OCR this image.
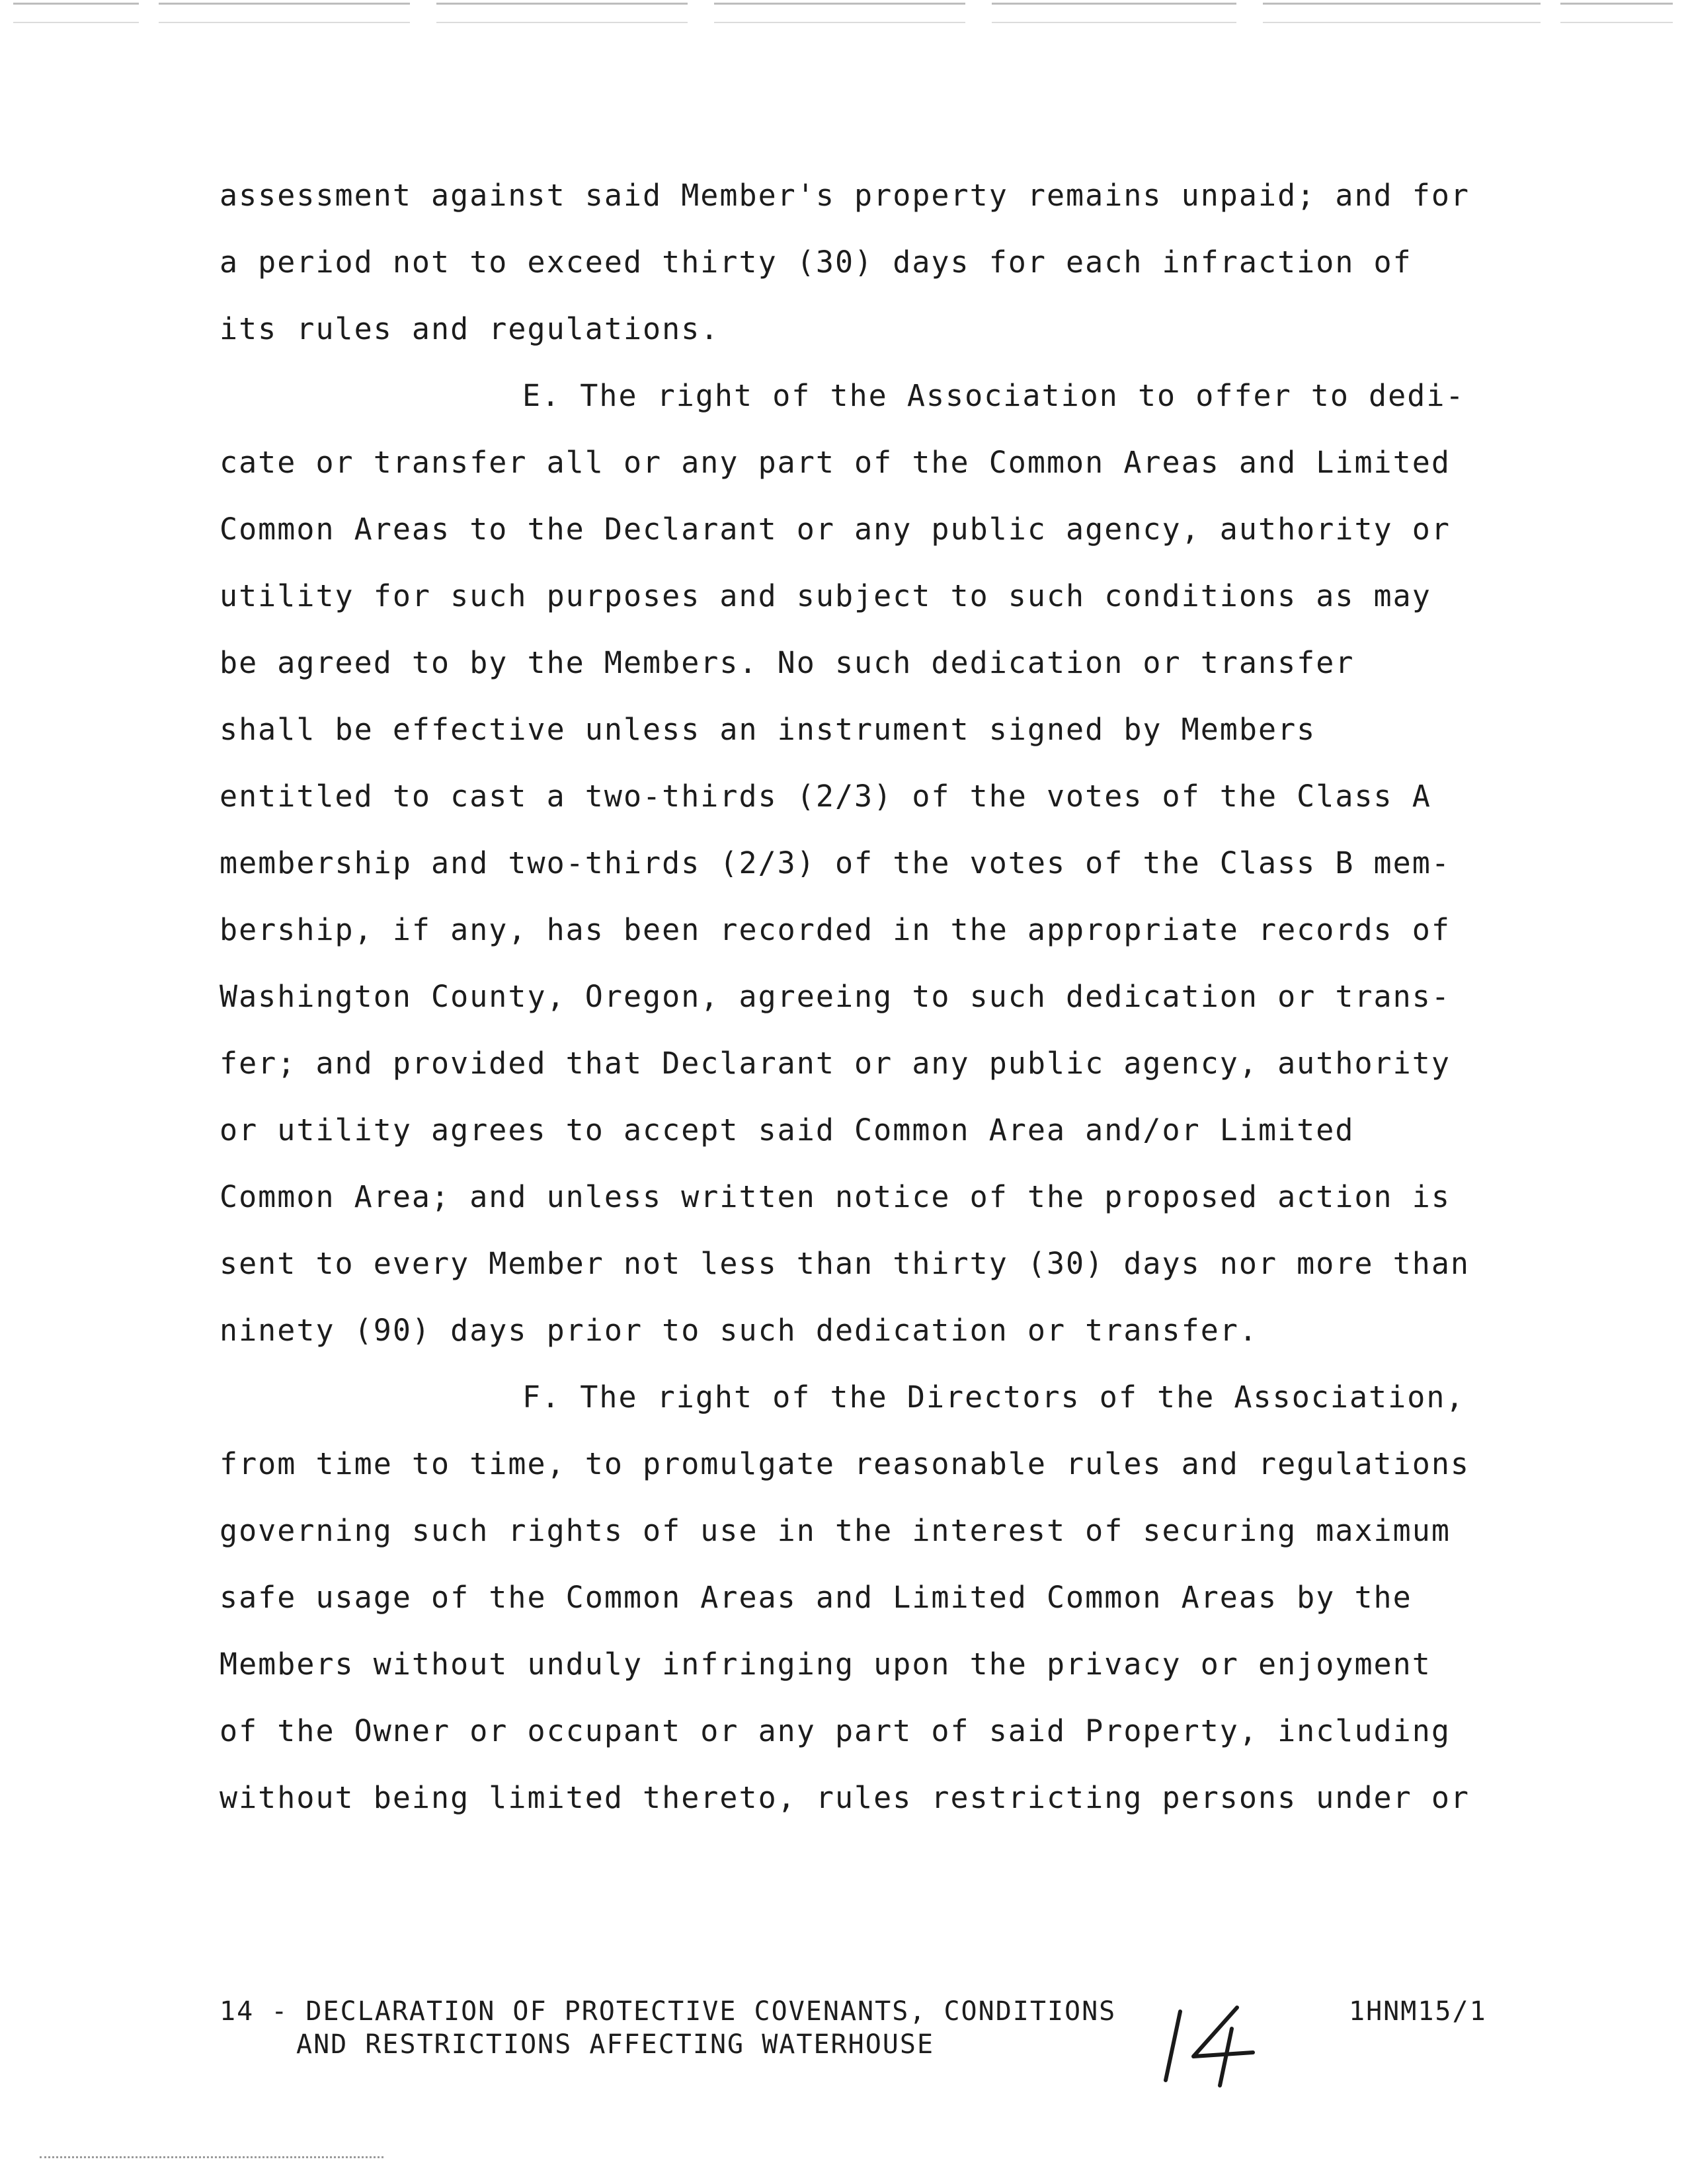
assessment against said Member's property remains unpaid; and for

a period not to exceed thirty (30) days for each infraction of

its rules and regulations.

E. The right of the Association to offer to dedi-

cate or transfer all or any part of the Common Areas and Limited

Common Areas to the Declarant or any public agency, authority or

utility for such purposes and subject to such conditions as may

be agreed to by the Members. No such dedication or transfer

shall be effective unless an instrument signed by Members

entitled to cast a two-thirds (2/3) of the votes of the Class A

membership and two-thirds (2/3) of the votes of the Class B mem-

bership, if any, has been recorded in the appropriate records of

Washington County, Oregon, agreeing to such dedication or trans-

fer; and provided that Declarant or any public agency, authority

or utility agrees to accept said Common Area and/or Limited

Common Area; and unless written notice of the proposed action is

sent to every Member not less than thirty (30) days nor more than

ninety (90) days prior to such dedication or transfer.

F. The right of the Directors of the Association,

from time to time, to promulgate reasonable rules and regulations

governing such rights of use in the interest of securing maximum

safe usage of the Common Areas and Limited Common Areas by the

Members without unduly infringing upon the privacy or enjoyment

of the Owner or occupant or any part of said Property, including

without being limited thereto, rules restricting persons under or

14 - DECLARATION OF PROTECTIVE COVENANTS, CONDITIONS

AND RESTRICTIONS AFFECTING WATERHOUSE

1HNM15/1
